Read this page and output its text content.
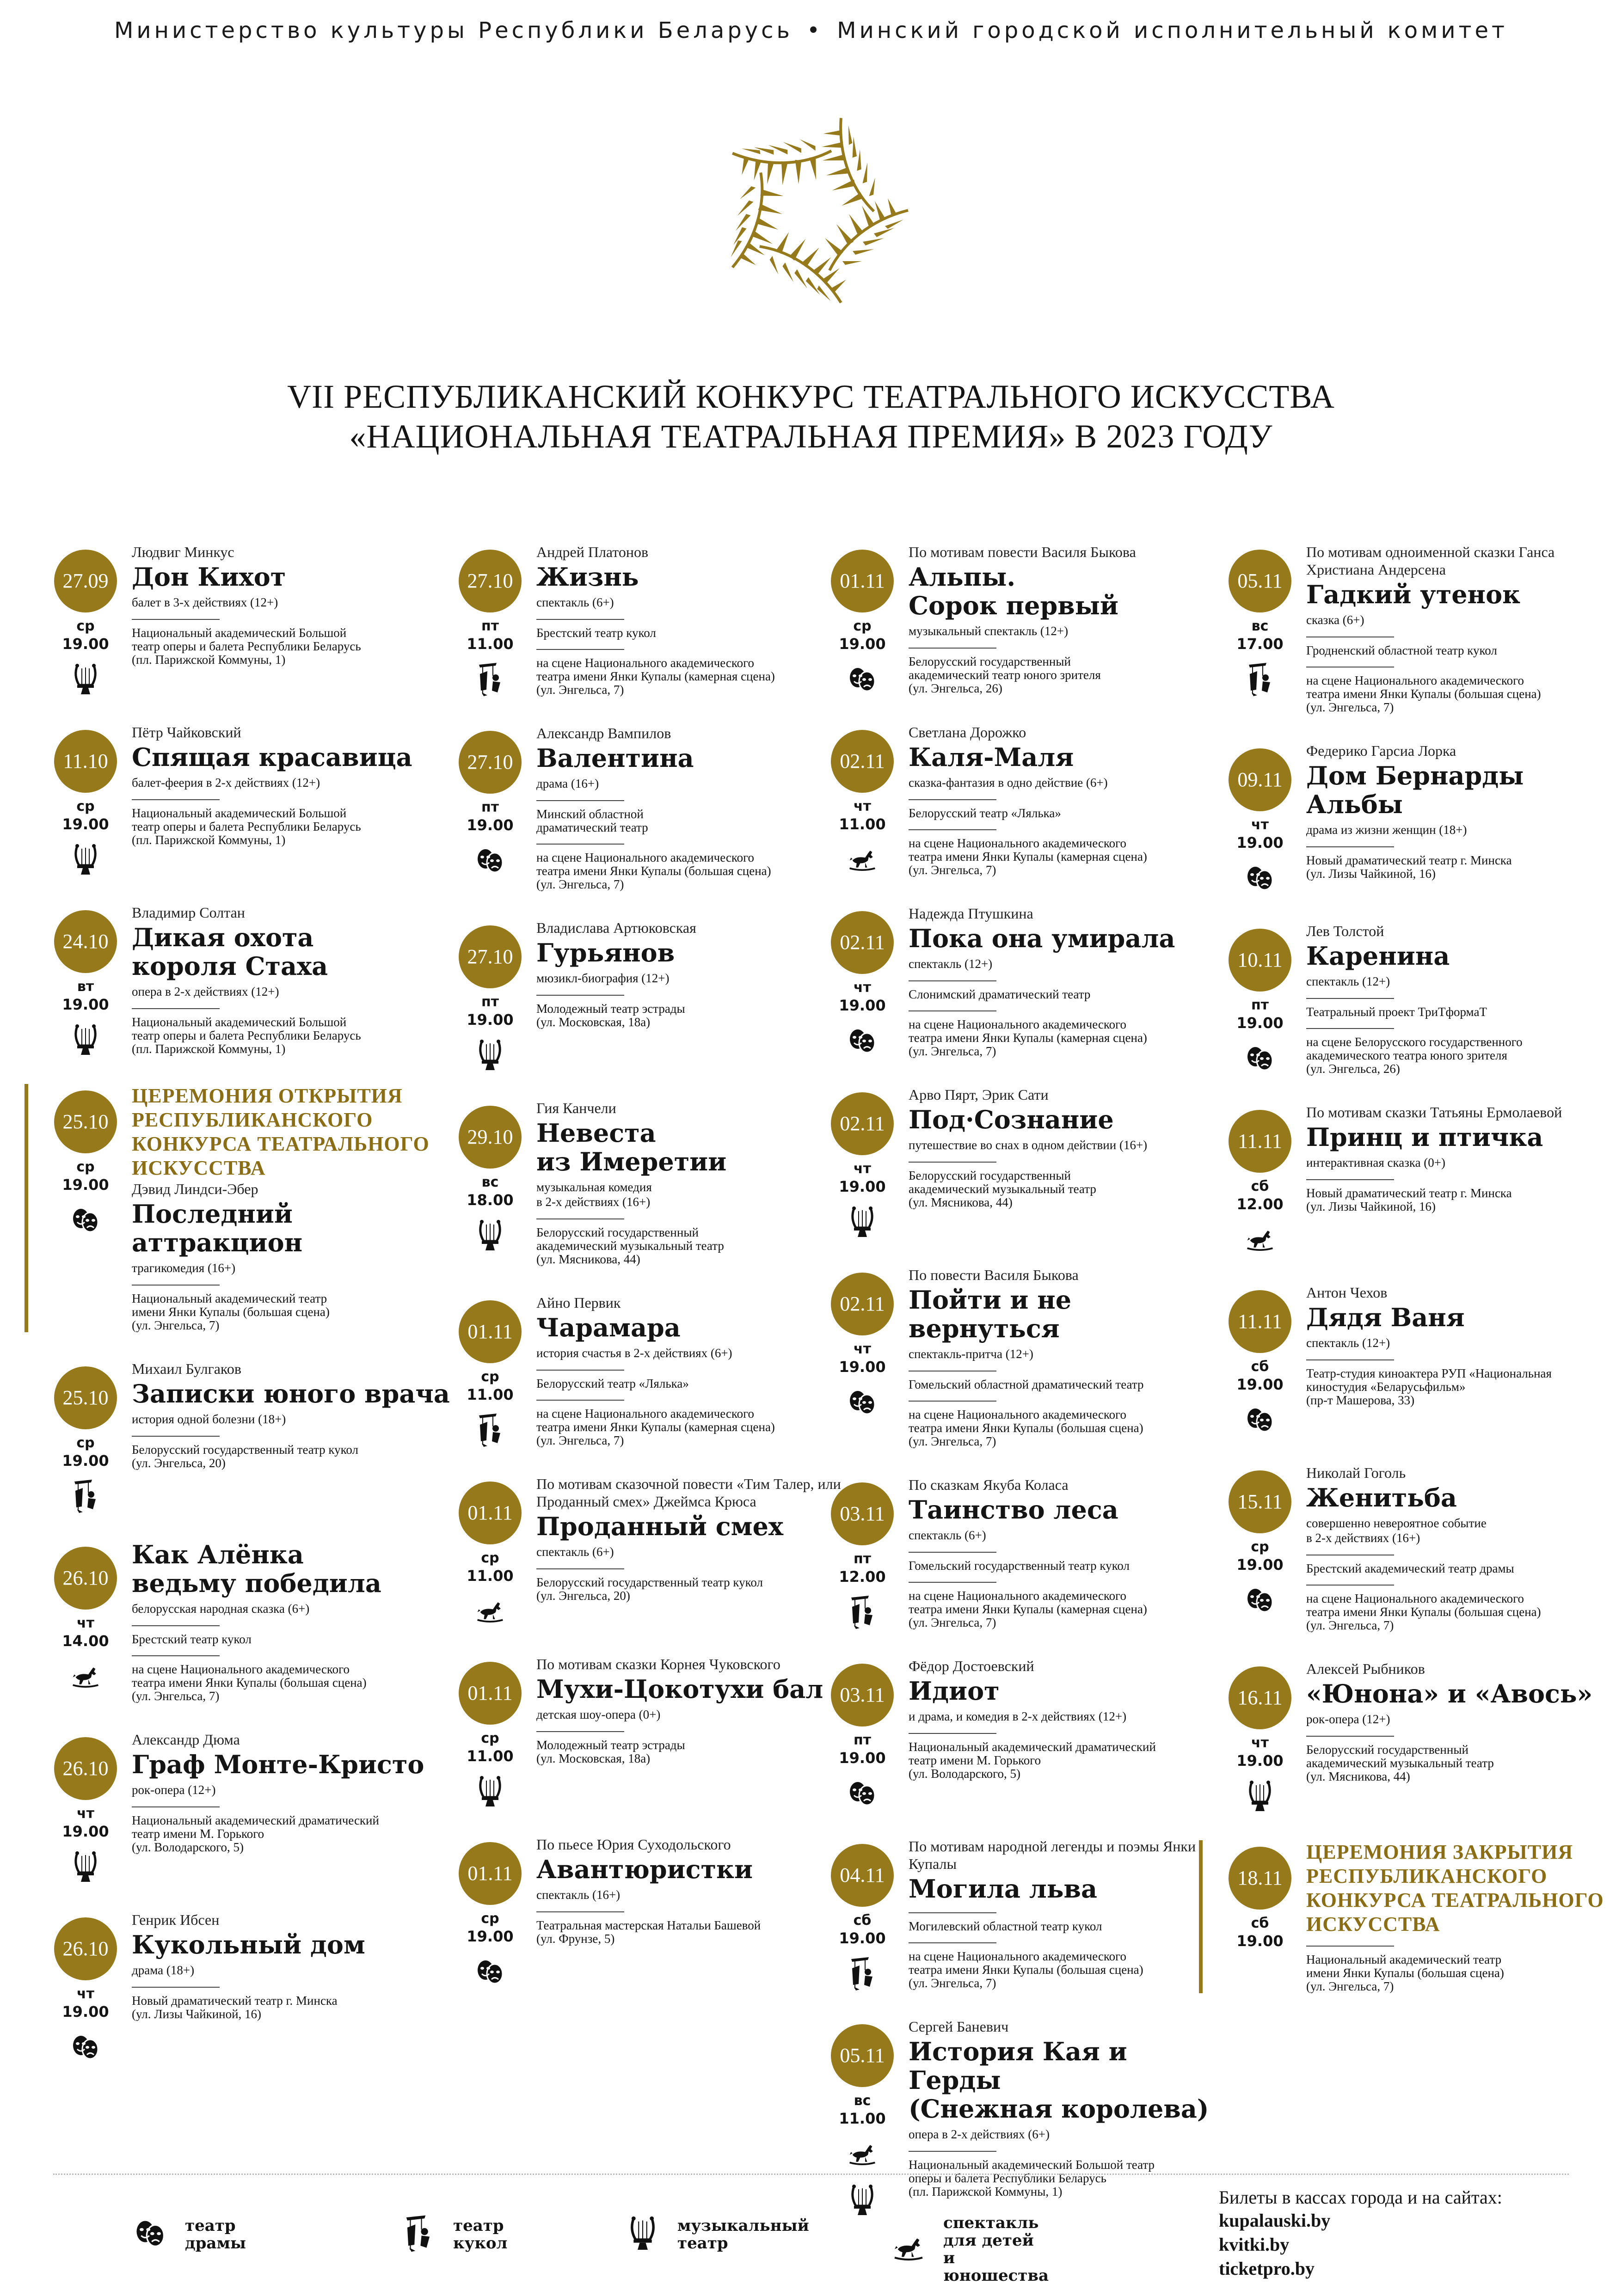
Министерство культуры Республики Беларусь • Минский городской исполнительный комитет
VII РЕСПУБЛИКАНСКИЙ КОНКУРС ТЕАТРАЛЬНОГО ИСКУССТВА
«НАЦИОНАЛЬНАЯ ТЕАТРАЛЬНАЯ ПРЕМИЯ» В 2023 ГОДУ
27.09
ср
19.00
Людвиг Минкус
Дон Кихот
балет в 3-х действиях (12+)
Национальный академический Большой
театр оперы и балета Республики Беларусь
(пл. Парижской Коммуны, 1)
11.10
ср
19.00
Пётр Чайковский
Спящая красавица
балет-феерия в 2-х действиях (12+)
Национальный академический Большой
театр оперы и балета Республики Беларусь
(пл. Парижской Коммуны, 1)
24.10
вт
19.00
Владимир Солтан
Дикая охота
короля Стаха
опера в 2-х действиях (12+)
Национальный академический Большой
театр оперы и балета Республики Беларусь
(пл. Парижской Коммуны, 1)
25.10
ср
19.00
ЦЕРЕМОНИЯ ОТКРЫТИЯ
РЕСПУБЛИКАНСКОГО
КОНКУРСА ТЕАТРАЛЬНОГО
ИСКУССТВА
Дэвид Линдси-Эбер
Последний
аттракцион
трагикомедия (16+)
Национальный академический театр
имени Янки Купалы (большая сцена)
(ул. Энгельса, 7)
25.10
ср
19.00
Михаил Булгаков
Записки юного врача
история одной болезни (18+)
Белорусский государственный театр кукол
(ул. Энгельса, 20)
26.10
чт
14.00
Как Алёнка
ведьму победила
белорусская народная сказка (6+)
Брестский театр кукол
на сцене Национального академического
театра имени Янки Купалы (большая сцена)
(ул. Энгельса, 7)
26.10
чт
19.00
Александр Дюма
Граф Монте-Кристо
рок-опера (12+)
Национальный академический драматический
театр имени М. Горького
(ул. Володарского, 5)
26.10
чт
19.00
Генрик Ибсен
Кукольный дом
драма (18+)
Новый драматический театр г. Минска
(ул. Лизы Чайкиной, 16)
27.10
пт
11.00
Андрей Платонов
Жизнь
спектакль (6+)
Брестский театр кукол
на сцене Национального академического
театра имени Янки Купалы (камерная сцена)
(ул. Энгельса, 7)
27.10
пт
19.00
Александр Вампилов
Валентина
драма (16+)
Минский областной
драматический театр
на сцене Национального академического
театра имени Янки Купалы (большая сцена)
(ул. Энгельса, 7)
27.10
пт
19.00
Владислава Артюковская
Гурьянов
мюзикл-биография (12+)
Молодежный театр эстрады
(ул. Московская, 18а)
29.10
вс
18.00
Гия Канчели
Невеста
из Имеретии
музыкальная комедия
в 2-х действиях (16+)
Белорусский государственный
академический музыкальный театр
(ул. Мясникова, 44)
01.11
ср
11.00
Айно Первик
Чарамара
история счастья в 2-х действиях (6+)
Белорусский театр «Лялька»
на сцене Национального академического
театра имени Янки Купалы (камерная сцена)
(ул. Энгельса, 7)
01.11
ср
11.00
По мотивам сказочной повести «Тим Талер, или Проданный смех» Джеймса Крюса
Проданный смех
спектакль (6+)
Белорусский государственный театр кукол
(ул. Энгельса, 20)
01.11
ср
11.00
По мотивам сказки Корнея Чуковского
Мухи-Цокотухи бал
детская шоу-опера (0+)
Молодежный театр эстрады
(ул. Московская, 18а)
01.11
ср
19.00
По пьесе Юрия Суходольского
Авантюристки
спектакль (16+)
Театральная мастерская Натальи Башевой
(ул. Фрунзе, 5)
01.11
ср
19.00
По мотивам повести Василя Быкова
Альпы.
Сорок первый
музыкальный спектакль (12+)
Белорусский государственный
академический театр юного зрителя
(ул. Энгельса, 26)
02.11
чт
11.00
Светлана Дорожко
Каля-Маля
сказка-фантазия в одно действие (6+)
Белорусский театр «Лялька»
на сцене Национального академического
театра имени Янки Купалы (камерная сцена)
(ул. Энгельса, 7)
02.11
чт
19.00
Надежда Птушкина
Пока она умирала
спектакль (12+)
Слонимский драматический театр
на сцене Национального академического
театра имени Янки Купалы (камерная сцена)
(ул. Энгельса, 7)
02.11
чт
19.00
Арво Пярт, Эрик Сати
Под·Сознание
путешествие во снах в одном действии (16+)
Белорусский государственный
академический музыкальный театр
(ул. Мясникова, 44)
02.11
чт
19.00
По повести Василя Быкова
Пойти и не вернуться
спектакль-притча (12+)
Гомельский областной драматический театр
на сцене Национального академического
театра имени Янки Купалы (большая сцена)
(ул. Энгельса, 7)
03.11
пт
12.00
По сказкам Якуба Коласа
Таинство леса
спектакль (6+)
Гомельский государственный театр кукол
на сцене Национального академического
театра имени Янки Купалы (камерная сцена)
(ул. Энгельса, 7)
03.11
пт
19.00
Фёдор Достоевский
Идиот
и драма, и комедия в 2-х действиях (12+)
Национальный академический драматический
театр имени М. Горького
(ул. Володарского, 5)
04.11
сб
19.00
По мотивам народной легенды и поэмы Янки Купалы
Могила льва
Могилевский областной театр кукол
на сцене Национального академического
театра имени Янки Купалы (большая сцена)
(ул. Энгельса, 7)
05.11
вс
11.00

Сергей Баневич
История Кая и Герды
(Снежная королева)
опера в 2-х действиях (6+)
Национальный академический Большой театр
оперы и балета Республики Беларусь
(пл. Парижской Коммуны, 1)
05.11
вс
17.00
По мотивам одноименной сказки Ганса Христиана Андерсена
Гадкий утенок
сказка (6+)
Гродненский областной театр кукол
на сцене Национального академического
театра имени Янки Купалы (большая сцена)
(ул. Энгельса, 7)
09.11
чт
19.00
Федерико Гарсиа Лорка
Дом Бернарды Альбы
драма из жизни женщин (18+)
Новый драматический театр г. Минска
(ул. Лизы Чайкиной, 16)
10.11
пт
19.00
Лев Толстой
Каренина
спектакль (12+)
Театральный проект ТриТформаТ
на сцене Белорусского государственного
академического театра юного зрителя
(ул. Энгельса, 26)
11.11
сб
12.00
По мотивам сказки Татьяны Ермолаевой
Принц и птичка
интерактивная сказка (0+)
Новый драматический театр г. Минска
(ул. Лизы Чайкиной, 16)
11.11
сб
19.00
Антон Чехов
Дядя Ваня
спектакль (12+)
Театр-студия киноактера РУП «Национальная
киностудия «Беларусьфильм»
(пр-т Машерова, 33)
15.11
ср
19.00
Николай Гоголь
Женитьба
совершенно невероятное событие
в 2-х действиях (16+)
Брестский академический театр драмы
на сцене Национального академического
театра имени Янки Купалы (большая сцена)
(ул. Энгельса, 7)
16.11
чт
19.00
Алексей Рыбников
«Юнона» и «Авось»
рок-опера (12+)
Белорусский государственный
академический музыкальный театр
(ул. Мясникова, 44)
18.11
сб
19.00
ЦЕРЕМОНИЯ ЗАКРЫТИЯ
РЕСПУБЛИКАНСКОГО
КОНКУРСА ТЕАТРАЛЬНОГО
ИСКУССТВА
Национальный академический театр
имени Янки Купалы (большая сцена)
(ул. Энгельса, 7)
театр
драмы
театр
кукол
музыкальный
театр
спектакль для детей
и юношества
Билеты в кассах города и на сайтах:
kupalauski.by
kvitki.by
ticketpro.by
